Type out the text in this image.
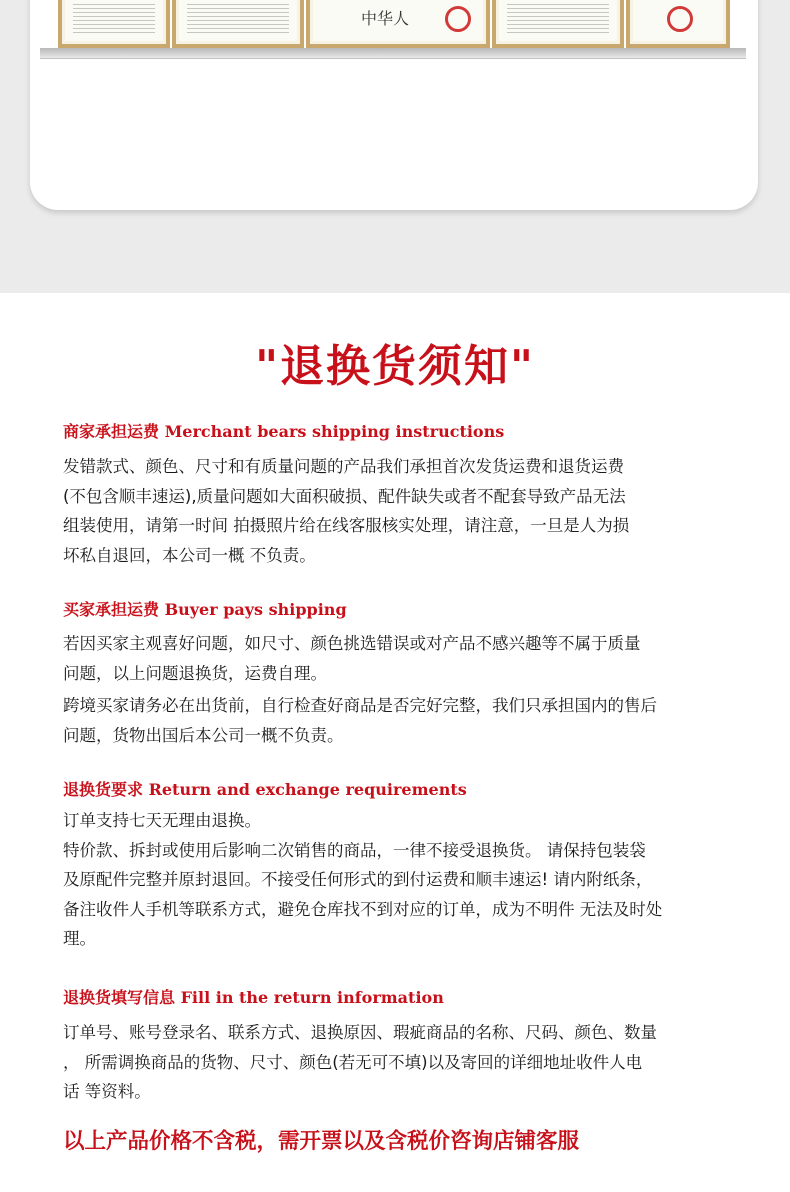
中华人
"退换货须知"

商家承担运费 Merchant bears shipping instructions

发错款式、颜色、尺寸和有质量问题的产品我们承担首次发货运费和退货运费

(不包含顺丰速运),质量问题如大面积破损、配件缺失或者不配套导致产品无法

组装使用，请第一时间 拍摄照片给在线客服核实处理，请注意，一旦是人为损

坏私自退回，本公司一概 不负责。

买家承担运费 Buyer pays shipping

若因买家主观喜好问题，如尺寸、颜色挑选错误或对产品不感兴趣等不属于质量

问题，以上问题退换货，运费自理。

跨境买家请务必在出货前，自行检查好商品是否完好完整，我们只承担国内的售后

问题，货物出国后本公司一概不负责。

退换货要求 Return and exchange requirements

订单支持七天无理由退换。

特价款、拆封或使用后影响二次销售的商品，一律不接受退换货。 请保持包装袋

及原配件完整并原封退回。不接受任何形式的到付运费和顺丰速运! 请内附纸条，

备注收件人手机等联系方式，避免仓库找不到对应的订单，成为不明件 无法及时处

理。

退换货填写信息 Fill in the return information

订单号、账号登录名、联系方式、退换原因、瑕疵商品的名称、尺码、颜色、数量

， 所需调换商品的货物、尺寸、颜色(若无可不填)以及寄回的详细地址收件人电

话 等资料。

以上产品价格不含税，需开票以及含税价咨询店铺客服
